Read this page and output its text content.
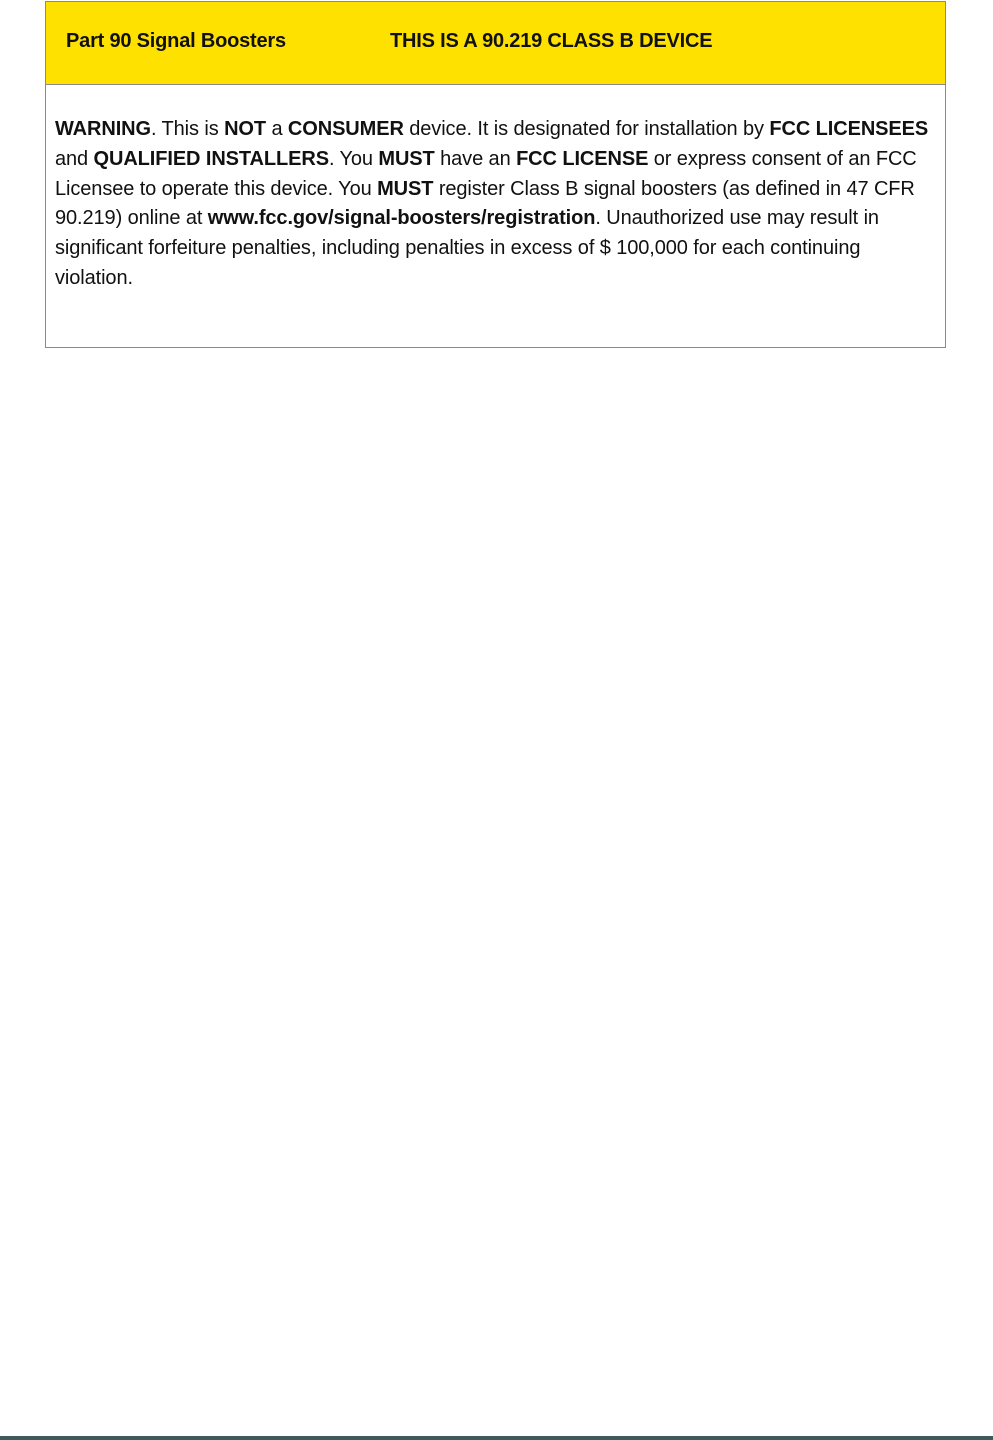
Part 90 Signal Boosters	THIS IS A 90.219 CLASS B DEVICE
WARNING. This is NOT a CONSUMER device. It is designated for installation by FCC LICENSEES and QUALIFIED INSTALLERS. You MUST have an FCC LICENSE or express consent of an FCC Licensee to operate this device. You MUST register Class B signal boosters (as defined in 47 CFR 90.219) online at www.fcc.gov/signal-boosters/registration. Unauthorized use may result in significant forfeiture penalties, including penalties in excess of $ 100,000 for each continuing violation.
